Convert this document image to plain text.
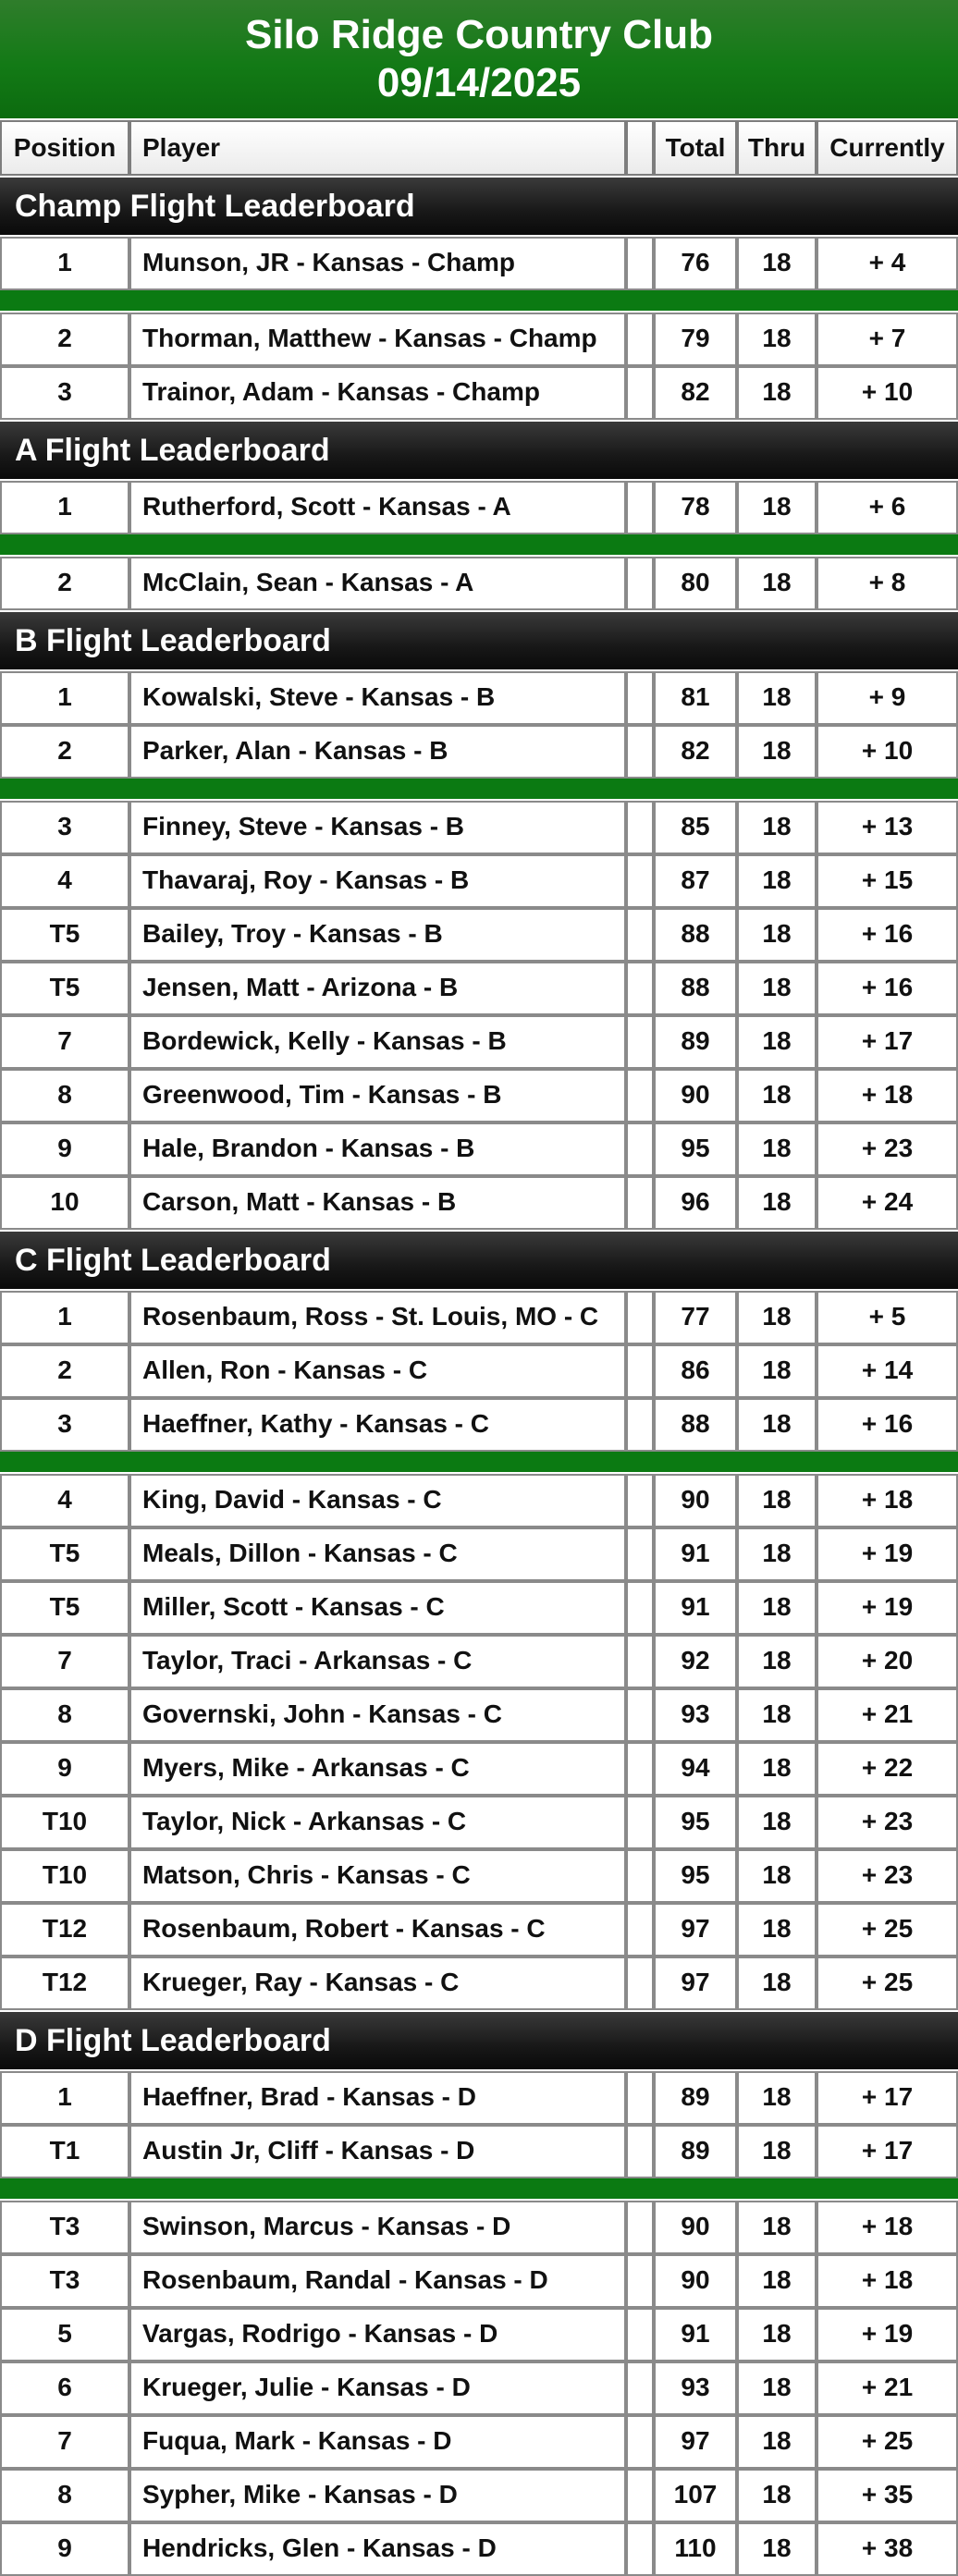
Silo Ridge Country Club
09/14/2025
Position	Player	Total Thru Currently
Champ Flight Leaderboard
1	Munson, JR - Kansas - Champ	76	18	+ 4
2	Thorman, Matthew - Kansas - Champ	79	18	+ 7
3	Trainor, Adam - Kansas - Champ	82	18	+ 10
A Flight Leaderboard
1	Rutherford, Scott - Kansas - A	78	18	+ 6
2	McClain, Sean - Kansas - A	80	18	+ 8
B Flight Leaderboard
1	Kowalski, Steve - Kansas - B	81	18	+ 9
2	Parker, Alan - Kansas - B	82	18	+ 10
3	Finney, Steve - Kansas - B	85	18	+ 13
4	Thavaraj, Roy - Kansas - B	87	18	+ 15
T5	Bailey, Troy - Kansas - B	88	18	+ 16
T5	Jensen, Matt - Arizona - B	88	18	+ 16
7	Bordewick, Kelly - Kansas - B	89	18	+ 17
8	Greenwood, Tim - Kansas - B	90	18	+ 18
9	Hale, Brandon - Kansas - B	95	18	+ 23
10	Carson, Matt - Kansas - B	96	18	+ 24
C Flight Leaderboard
1	Rosenbaum, Ross - St. Louis, MO - C	77	18	+ 5
2	Allen, Ron - Kansas - C	86	18	+ 14
3	Haeffner, Kathy - Kansas - C	88	18	+ 16
4	King, David - Kansas - C	90	18	+ 18
T5	Meals, Dillon - Kansas - C	91	18	+ 19
T5	Miller, Scott - Kansas - C	91	18	+ 19
7	Taylor, Traci - Arkansas - C	92	18	+ 20
8	Governski, John - Kansas - C	93	18	+ 21
9	Myers, Mike - Arkansas - C	94	18	+ 22
T10	Taylor, Nick - Arkansas - C	95	18	+ 23
T10	Matson, Chris - Kansas - C	95	18	+ 23
T12	Rosenbaum, Robert - Kansas - C	97	18	+ 25
T12	Krueger, Ray - Kansas - C	97	18	+ 25
D Flight Leaderboard
1	Haeffner, Brad - Kansas - D	89	18	+ 17
T1	Austin Jr, Cliff - Kansas - D	89	18	+ 17
T3	Swinson, Marcus - Kansas - D	90	18	+ 18
T3	Rosenbaum, Randal - Kansas - D	90	18	+ 18
5	Vargas, Rodrigo - Kansas - D	91	18	+ 19
6	Krueger, Julie - Kansas - D	93	18	+ 21
7	Fuqua, Mark - Kansas - D	97	18	+ 25
8	Sypher, Mike - Kansas - D	107	18	+ 35
9	Hendricks, Glen - Kansas - D	110	18	+ 38
